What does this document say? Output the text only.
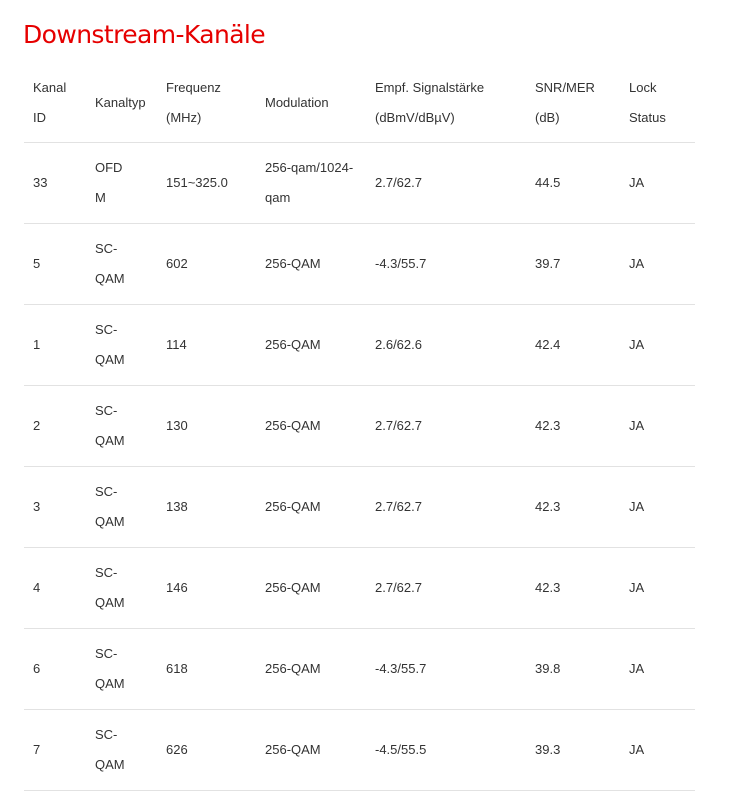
Downstream-Kanäle
Kanal ID	Kanaltyp	Frequenz (MHz)	Modulation	Empf. Signalstärke (dBmV/dBµV)	SNR/MER (dB)	Lock Status

33	OFDM	151~325.0	256-qam/1024-qam	2.7/62.7	44.5	JA

5	SC-QAM	602	256-QAM	-4.3/55.7	39.7	JA

1	SC-QAM	114	256-QAM	2.6/62.6	42.4	JA

2	SC-QAM	130	256-QAM	2.7/62.7	42.3	JA

3	SC-QAM	138	256-QAM	2.7/62.7	42.3	JA

4	SC-QAM	146	256-QAM	2.7/62.7	42.3	JA

6	SC-QAM	618	256-QAM	-4.3/55.7	39.8	JA

7	SC-QAM	626	256-QAM	-4.5/55.5	39.3	JA
